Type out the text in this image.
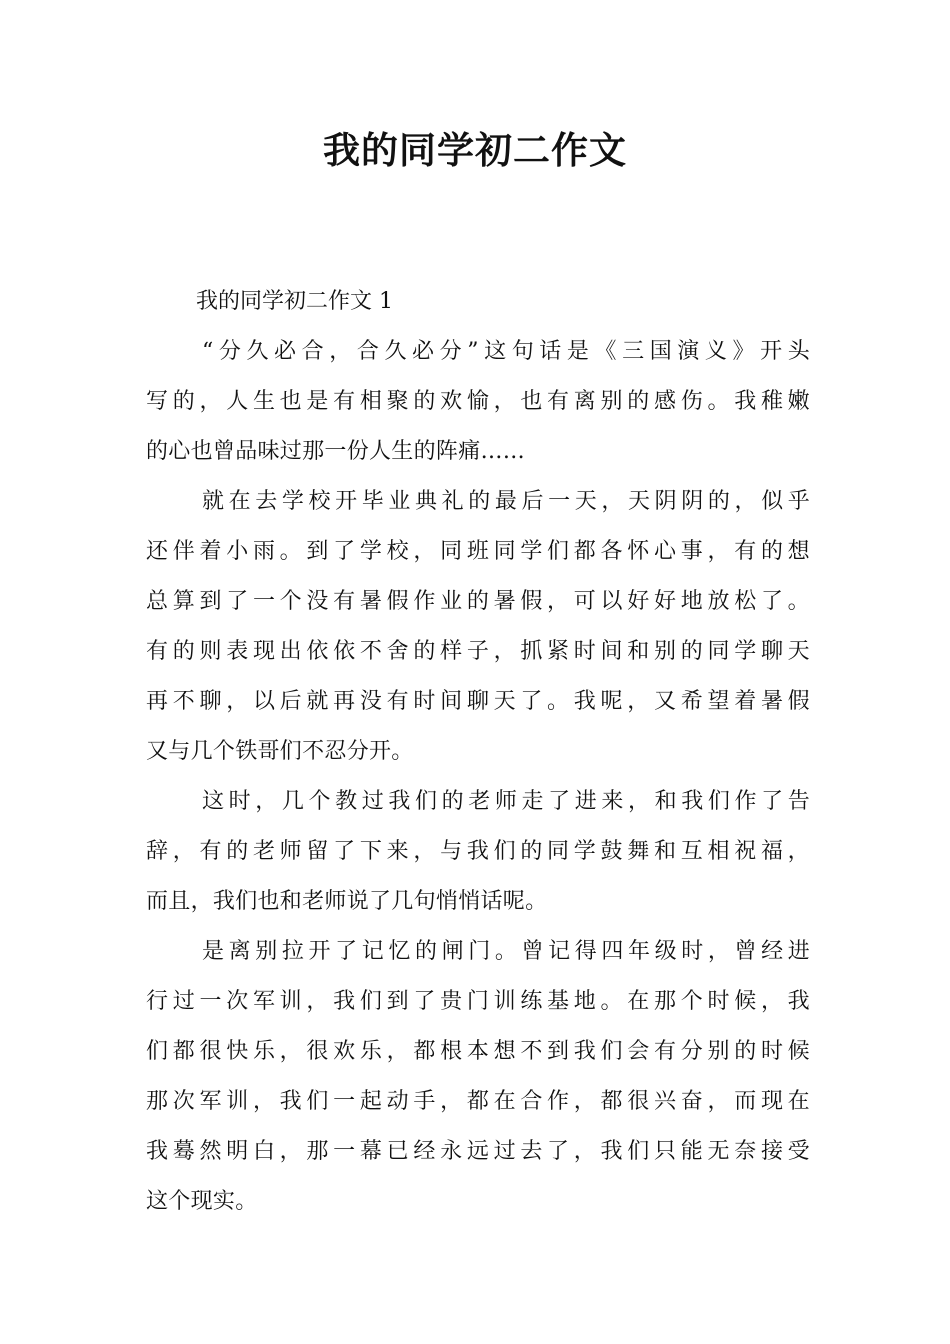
我的同学初二作文

我的同学初二作文 1

“分久必合，合久必分”这句话是《三国演义》开头
写的，人生也是有相聚的欢愉，也有离别的感伤。我稚嫩
的心也曾品味过那一份人生的阵痛……

就在去学校开毕业典礼的最后一天，天阴阴的，似乎
还伴着小雨。到了学校，同班同学们都各怀心事，有的想
总算到了一个没有暑假作业的暑假，可以好好地放松了。
有的则表现出依依不舍的样子，抓紧时间和别的同学聊天
再不聊，以后就再没有时间聊天了。我呢，又希望着暑假
又与几个铁哥们不忍分开。

这时，几个教过我们的老师走了进来，和我们作了告
辞，有的老师留了下来，与我们的同学鼓舞和互相祝福，
而且，我们也和老师说了几句悄悄话呢。

是离别拉开了记忆的闸门。曾记得四年级时，曾经进
行过一次军训，我们到了贵门训练基地。在那个时候，我
们都很快乐，很欢乐，都根本想不到我们会有分别的时候
那次军训，我们一起动手，都在合作，都很兴奋，而现在
我蓦然明白，那一幕已经永远过去了，我们只能无奈接受
这个现实。
